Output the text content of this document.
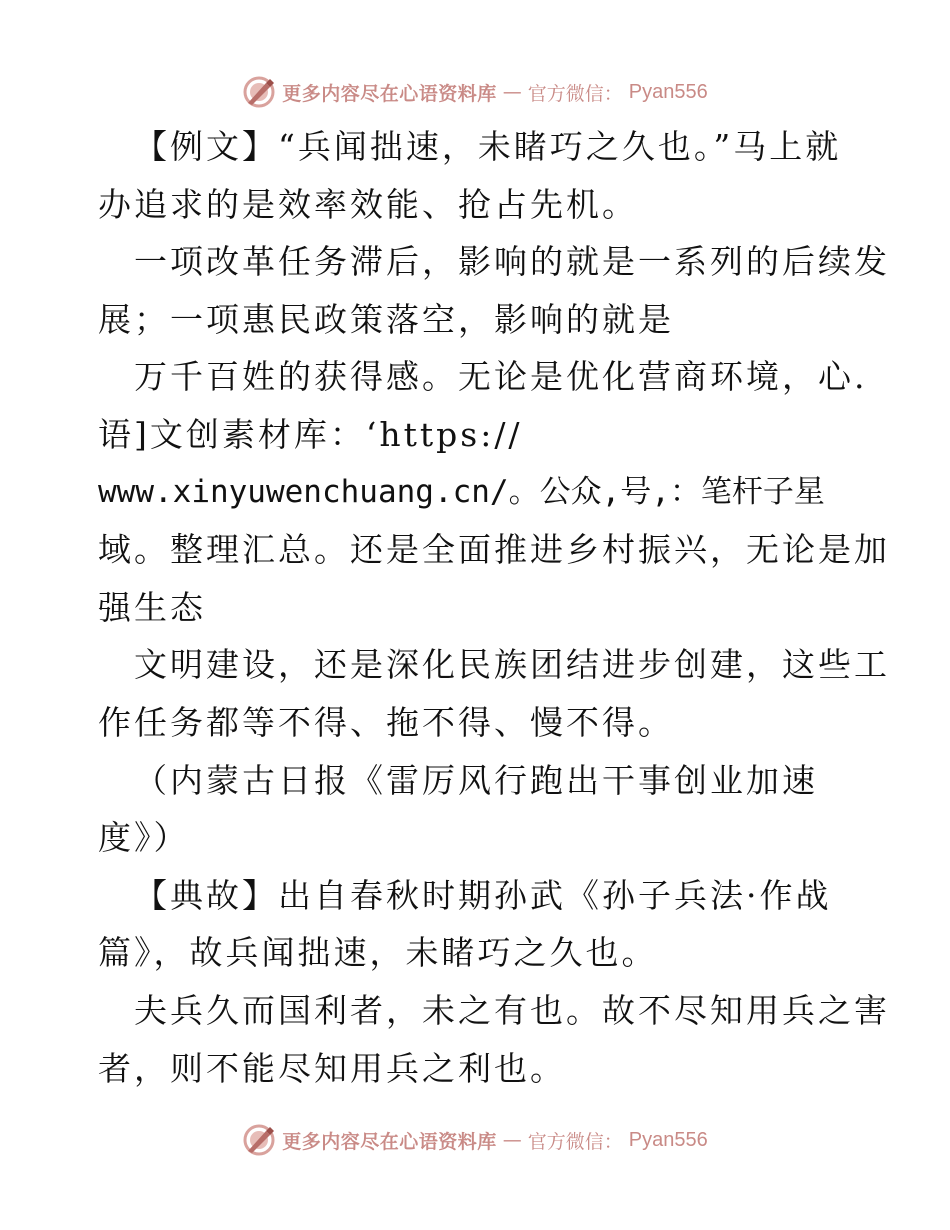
更多内容尽在心语资料库 — 官方微信： Pyan556
【例文】“兵闻拙速，未睹巧之久也。”马上就
办追求的是效率效能、抢占先机。
一项改革任务滞后，影响的就是一系列的后续发
展；一项惠民政策落空，影响的就是
万千百姓的获得感。无论是优化营商环境，心.
语]文创素材库：‘https://
www.xinyuwenchuang.cn/。公众,号,：笔杆子星
域。整理汇总。还是全面推进乡村振兴，无论是加
强生态
文明建设，还是深化民族团结进步创建，这些工
作任务都等不得、拖不得、慢不得。
（内蒙古日报《雷厉风行跑出干事创业加速
度》）
【典故】出自春秋时期孙武《孙子兵法·作战
篇》，故兵闻拙速，未睹巧之久也。
夫兵久而国利者，未之有也。故不尽知用兵之害
者，则不能尽知用兵之利也。
更多内容尽在心语资料库 — 官方微信： Pyan556
